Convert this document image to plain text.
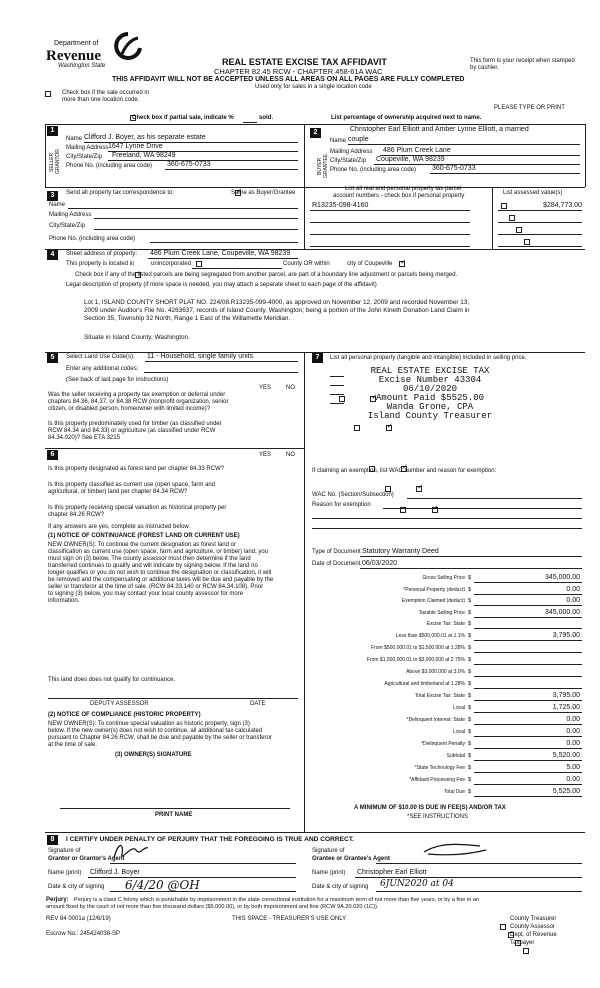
Department of
Revenue
Washington State	REAL ESTATE EXCISE TAX AFFIDAVIT
CHAPTER 82.45 RCW - CHAPTER 458-61A WAC
THIS AFFIDAVIT WILL NOT BE ACCEPTED UNLESS ALL AREAS ON ALL PAGES ARE FULLY COMPLETED
This form is your receipt when stamped by cashier.
Used only for sales in a single location code

Check box if the sale occurred in
more than one location code.
PLEASE TYPE OR PRINT

Check box if partial sale, indicate %	sold.	List percentage of ownership acquired next to name.
1
SELLER GRANTOR
Name Clifford J. Boyer, as his separate estate
Mailing Address 1647 Lynne Drive
City/State/Zip Freeland, WA 98249
Phone No. (including area code) 360-675-0733
2
BUYER GRANTEE
Christopher Earl Elliott and Amber Lynne Elliott, a married
Name couple
Mailing Address 486 Plum Creek Lane
City/State/Zip Coupeville, WA 98239
Phone No. (including area code) 360-675-0733
3	Send all property tax correspondence to: ✓	Same as Buyer/Grantee
Name
Mailing Address
City/State/Zip
Phone No. (including area code)
List all real and personal property tax parcel
account numbers - check box if personal property	List assessed value(s)
R13235-098-4160
	$284,773.00

4	Street address of property: 486 Plum Creek Lane, Coupeville, WA 98239
This property is located in
	unincorporated	County OR within ✓	city of Coupeville

Check box if any of the listed parcels are being segregated from another parcel, are part of a boundary line adjustment or parcels being merged.
Legal description of property (if more space is needed, you may attach a separate sheet to each page of the affidavit)
Lot 1, ISLAND COUNTY SHORT PLAT NO. 224/08.R13235-099-4000, as approved on November 12, 2009 and recorded November 13,
2009 under Auditor's File No. 4263637, records of Island County, Washington; being a portion of the John Kineth Donation Land Claim in
Section 35, Township 32 North, Range 1 East of the Willamette Meridian.
Situate in Island County, Washington.
5	Select Land Use Code(s): 11 - Household, single family units
Enter any additional codes:
(See back of last page for instructions)
YES NO
Was the seller receiving a property tax exemption or deferral under
chapters 84.36, 84.37, or 84.38 RCW (nonprofit organization, senior
citizen, or disabled person, homeowner with limited income)?
✓
Is this property predominately used for timber (as classified under
RCW 84.34 and 84.33) or agriculture (as classified under RCW
84.34.020)? See ETA 3215
✓
7	List all personal property (tangible and intangible) included in selling price.
REAL ESTATE EXCISE TAX
Excise Number 43304
06/10/2020
Amount Paid $5525.00
Wanda Grone, CPA
Island County Treasurer
6	YES NO
Is this property designated as forest land per chapter 84.33 RCW?
✓
Is this property classified as current use (open space, farm and
agricultural, or timber) land per chapter 84.34 RCW?
✓
Is this property receiving special valuation as historical property per
chapter 84.26 RCW?
✓
If any answers are yes, complete as instructed below.
(1) NOTICE OF CONTINUANCE (FOREST LAND OR CURRENT USE)
NEW OWNER(S): To continue the current designation as forest land or
classification as current use (open space, farm and agriculture, or timber) land, you
must sign on (3) below. The county assessor must then determine if the land
transferred continues to qualify and will indicate by signing below. If the land no
longer qualifies or you do not wish to continue the designation or classification, it will
be removed and the compensating or additional taxes will be due and payable by the
seller or transferor at the time of sale. (RCW 84.33.140 or RCW 84.34.108). Prior
to signing (3) below, you may contact your local county assessor for more
information.
This land does does not qualify for continuance.
DEPUTY ASSESSOR	DATE
(2) NOTICE OF COMPLIANCE (HISTORIC PROPERTY)
NEW OWNER(S): To continue special valuation as historic property, sign (3)
below. If the new owner(s) does not wish to continue, all additional tax calculated
pursuant to Chapter 84.26 RCW, shall be due and payable by the seller or transferor
at the time of sale.
(3) OWNER(S) SIGNATURE
PRINT NAME
If claiming an exemption, list WAC number and reason for exemption:
WAC No. (Section/Subsection)
Reason for exemption
Type of Document Statutory Warranty Deed
Date of Document 06/03/2020
Gross Selling Price $	345,000.00
*Personal Property (deduct) $	0.00
Exemption Claimed (deduct) $	0.00
Taxable Selling Price $	345,000.00
Excise Tax: State $
Less than $500,000.01 at 1.1% $	3,795.00
From $500,000.01 to $1,500,000 at 1.28% $
From $1,500,000.01 to $3,000,000 at 2.75% $
Above $3,000,000 at 3.0% $
Agricultural and timberland at 1.28% $
Total Excise Tax: State $	3,795.00
Local $	1,725.00
*Delinquent Interest: State $	0.00
Local $	0.00
*Delinquent Penalty $	0.00
Subtotal $	5,520.00
*State Technology Fee $	5.00
*Affidavit Processing Fee $	0.00
Total Due $	5,525.00
A MINIMUM OF $10.00 IS DUE IN FEE(S) AND/OR TAX
*SEE INSTRUCTIONS
8	I CERTIFY UNDER PENALTY OF PERJURY THAT THE FOREGOING IS TRUE AND CORRECT.
Signature of
Grantor or Grantor's Agent
Signature of
Grantee or Grantee's Agent
Name (print) Clifford J. Boyer	Name (print) Christopher Earl Elliott
Date & city of signing 6/4/20 @OH	Date & city of signing 6JUN2020 at 04
Perjury: Perjury is a class C felony which is punishable by imprisonment in the state correctional institution for a maximum term of not more than five years, or by a fine in an
amount fixed by the court of not more than five thousand dollars ($5,000.00), or by both imprisonment and fine (RCW 9A.20.020 (1C)).
REV 84 0001a (12/6/19)	THIS SPACE - TREASURER'S USE ONLY
	County Treasurer

County Assessor

Dept. of Revenue
Taxpayer
Escrow No.: 245424038-SP
